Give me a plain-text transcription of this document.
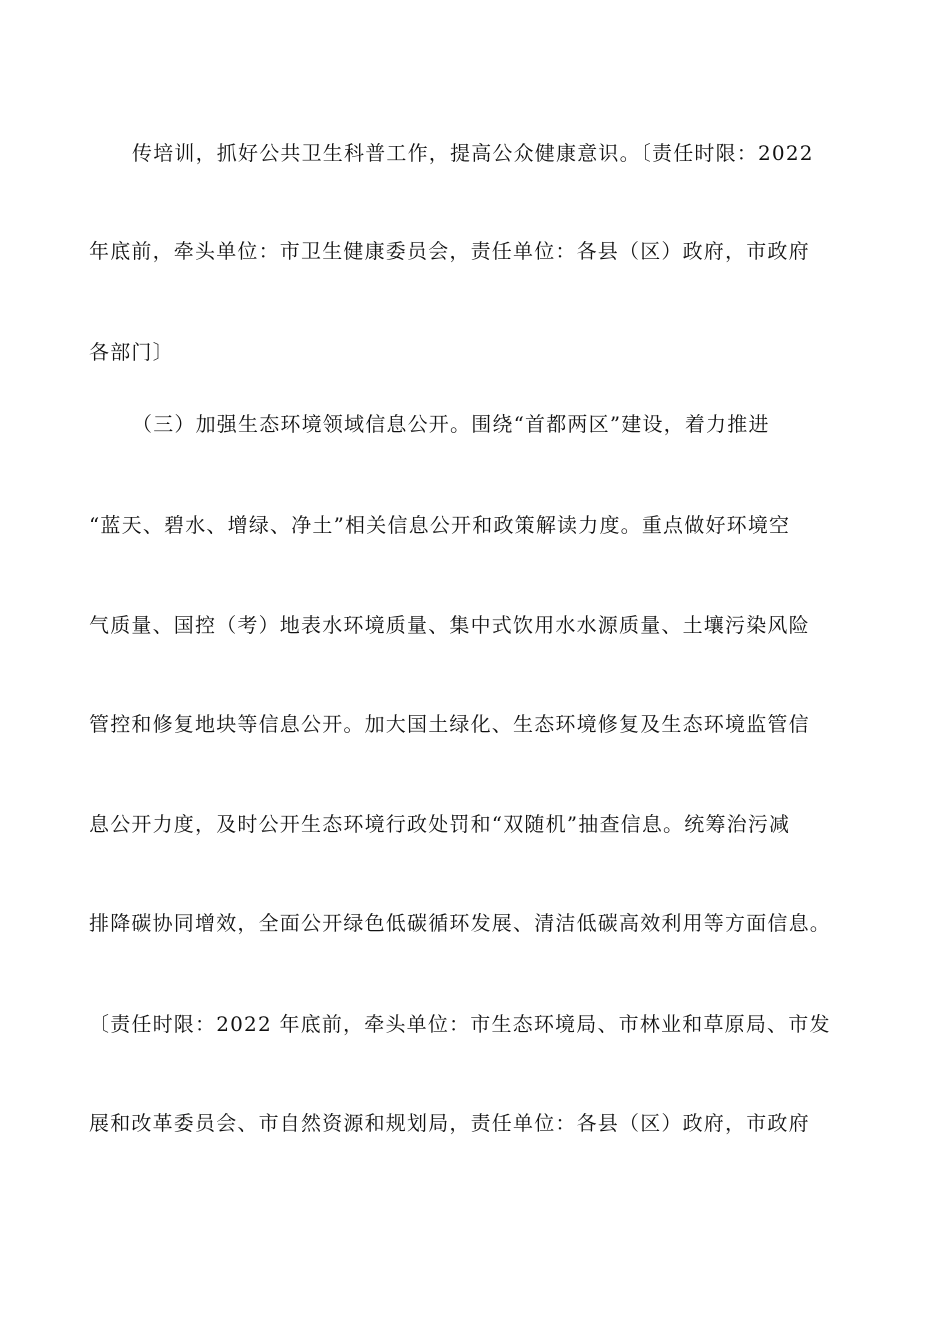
传培训，抓好公共卫生科普工作，提高公众健康意识。〔责任时限：2022
年底前，牵头单位：市卫生健康委员会，责任单位：各县（区）政府，市政府
各部门〕
（三）加强生态环境领域信息公开。围绕“首都两区”建设，着力推进
“蓝天、碧水、增绿、净土”相关信息公开和政策解读力度。重点做好环境空
气质量、国控（考）地表水环境质量、集中式饮用水水源质量、土壤污染风险
管控和修复地块等信息公开。加大国土绿化、生态环境修复及生态环境监管信
息公开力度，及时公开生态环境行政处罚和“双随机”抽查信息。统筹治污减
排降碳协同增效，全面公开绿色低碳循环发展、清洁低碳高效利用等方面信息。
〔责任时限：2022 年底前，牵头单位：市生态环境局、市林业和草原局、市发
展和改革委员会、市自然资源和规划局，责任单位：各县（区）政府，市政府
